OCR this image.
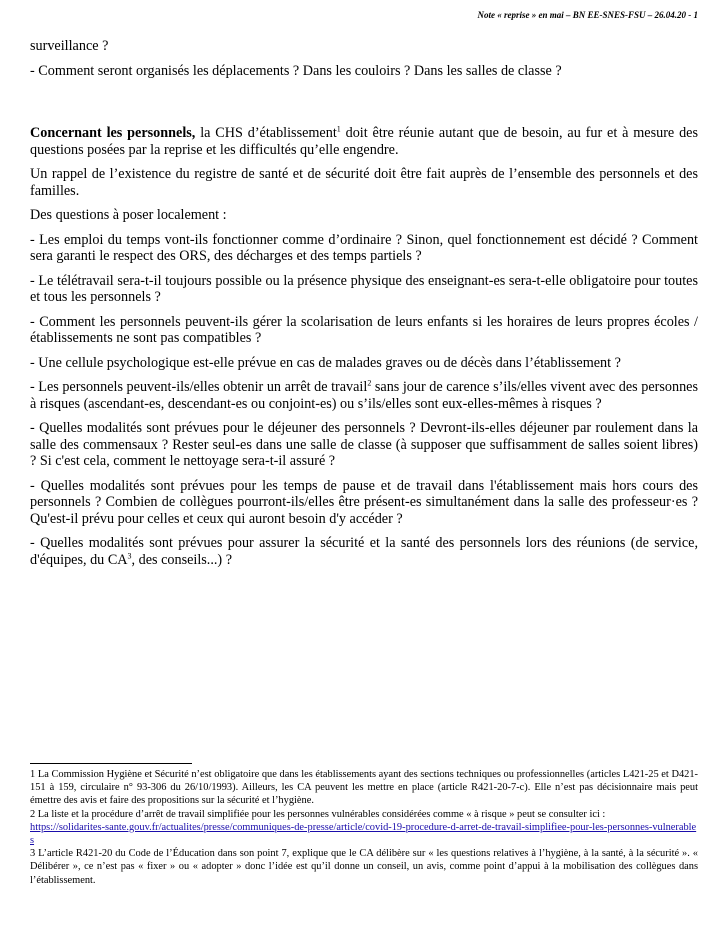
Note « reprise » en mai – BN EE-SNES-FSU – 26.04.20 - 1

surveillance ?

- Comment seront organisés les déplacements ? Dans les couloirs ? Dans les salles de classe ?

Concernant les personnels, la CHS d’établissement$^1$ doit être réunie autant que de besoin, au fur et à mesure des questions posées par la reprise et les difficultés qu’elle engendre.

Un rappel de l’existence du registre de santé et de sécurité doit être fait auprès de l’ensemble des personnels et des familles.

Des questions à poser localement :

- Les emploi du temps vont-ils fonctionner comme d’ordinaire ? Sinon, quel fonctionnement est décidé ? Comment sera garanti le respect des ORS, des décharges et des temps partiels ?

- Le télétravail sera-t-il toujours possible ou la présence physique des enseignant-es sera-t-elle obligatoire pour toutes et tous les personnels ?

- Comment les personnels peuvent-ils gérer la scolarisation de leurs enfants si les horaires de leurs propres écoles / établissements ne sont pas compatibles ?

- Une cellule psychologique est-elle prévue en cas de malades graves ou de décès dans l’établissement ?

- Les personnels peuvent-ils/elles obtenir un arrêt de travail$^2$ sans jour de carence s’ils/elles vivent avec des personnes à risques (ascendant-es, descendant-es ou conjoint-es) ou s’ils/elles sont eux-elles-mêmes à risques ?

- Quelles modalités sont prévues pour le déjeuner des personnels ? Devront-ils-elles déjeuner par roulement dans la salle des commensaux ? Rester seul-es dans une salle de classe (à supposer que suffisamment de salles soient libres) ? Si c'est cela, comment le nettoyage sera-t-il assuré ?

- Quelles modalités sont prévues pour les temps de pause et de travail dans l'établissement mais hors cours des personnels ? Combien de collègues pourront-ils/elles être présent-es simultanément dans la salle des professeur·es ? Qu'est-il prévu pour celles et ceux qui auront besoin d'y accéder ?

- Quelles modalités sont prévues pour assurer la sécurité et la santé des personnels lors des réunions (de service, d'équipes, du $CA^3$, des conseils...) ?

1 La Commission Hygiène et Sécurité n’est obligatoire que dans les établissements ayant des sections techniques ou professionnelles (articles L421-25 et D421-151 à 159, circulaire n° 93-306 du 26/10/1993). Ailleurs, les CA peuvent les mettre en place (article R421-20-7-c). Elle n’est pas décisionnaire mais peut émettre des avis et faire des propositions sur la sécurité et l’hygiène.

2 La liste et la procédure d’arrêt de travail simplifiée pour les personnes vulnérables considérées comme « à risque » peut se consulter ici :
https://solidarites-sante.gouv.fr/actualites/presse/communiques-de-presse/article/covid-19-procedure-d-arret-de-travail-simplifiee-pour-les-personnes-vulnerables

3 L’article R421-20 du Code de l’Éducation dans son point 7, explique que le CA délibère sur « les questions relatives à l’hygiène, à la santé, à la sécurité ». « Délibérer », ce n’est pas « fixer » ou « adopter » donc l’idée est qu’il donne un conseil, un avis, comme point d’appui à la mobilisation des collègues dans l’établissement.
